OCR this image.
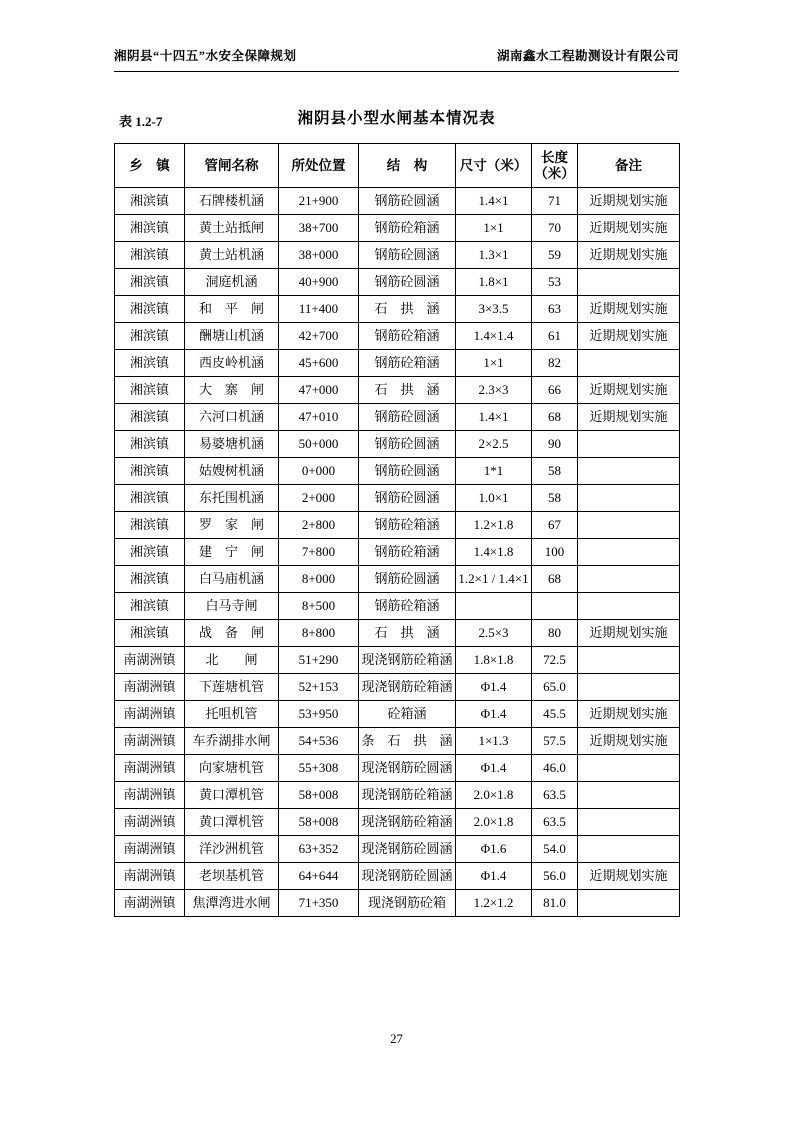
湘阴县“十四五”水安全保障规划	湖南鑫水工程勘测设计有限公司
表 1.2-7	湘阴县小型水闸基本情况表
乡　镇	管闸名称	所处位置	结　构	尺寸（米）	长度（米）	备注
湘滨镇	石牌楼机涵	21+900	钢筋砼圆涵	1.4×1	71	近期规划实施
湘滨镇	黄土站抵闸	38+700	钢筋砼箱涵	1×1	70	近期规划实施
湘滨镇	黄土站机涵	38+000	钢筋砼圆涵	1.3×1	59	近期规划实施
湘滨镇	洞庭机涵	40+900	钢筋砼圆涵	1.8×1	53	
湘滨镇	和　平　闸	11+400	石　拱　涵	3×3.5	63	近期规划实施
湘滨镇	酬塘山机涵	42+700	钢筋砼箱涵	1.4×1.4	61	近期规划实施
湘滨镇	西皮岭机涵	45+600	钢筋砼箱涵	1×1	82	
湘滨镇	大　寨　闸	47+000	石　拱　涵	2.3×3	66	近期规划实施
湘滨镇	六河口机涵	47+010	钢筋砼圆涵	1.4×1	68	近期规划实施
湘滨镇	易婆塘机涵	50+000	钢筋砼圆涵	2×2.5	90	
湘滨镇	姑嫂树机涵	0+000	钢筋砼圆涵	1*1	58	
湘滨镇	东托围机涵	2+000	钢筋砼圆涵	1.0×1	58	
湘滨镇	罗　家　闸	2+800	钢筋砼箱涵	1.2×1.8	67	
湘滨镇	建　宁　闸	7+800	钢筋砼箱涵	1.4×1.8	100	
湘滨镇	白马庙机涵	8+000	钢筋砼圆涵	1.2×1 / 1.4×1	68	
湘滨镇	白马寺闸	8+500	钢筋砼箱涵			
湘滨镇	战　备　闸	8+800	石　拱　涵	2.5×3	80	近期规划实施
南湖洲镇	北　　闸	51+290	现浇钢筋砼箱涵	1.8×1.8	72.5	
南湖洲镇	下莲塘机管	52+153	现浇钢筋砼箱涵	Φ1.4	65.0	
南湖洲镇	托咀机管	53+950	砼箱涵	Φ1.4	45.5	近期规划实施
南湖洲镇	车乔湖排水闸	54+536	条　石　拱　涵	1×1.3	57.5	近期规划实施
南湖洲镇	向家塘机管	55+308	现浇钢筋砼圆涵	Φ1.4	46.0	
南湖洲镇	黄口潭机管	58+008	现浇钢筋砼箱涵	2.0×1.8	63.5	
南湖洲镇	黄口潭机管	58+008	现浇钢筋砼箱涵	2.0×1.8	63.5	
南湖洲镇	洋沙洲机管	63+352	现浇钢筋砼圆涵	Φ1.6	54.0	
南湖洲镇	老坝基机管	64+644	现浇钢筋砼圆涵	Φ1.4	56.0	近期规划实施
南湖洲镇	焦潭湾进水闸	71+350	现浇钢筋砼箱	1.2×1.2	81.0	
27
